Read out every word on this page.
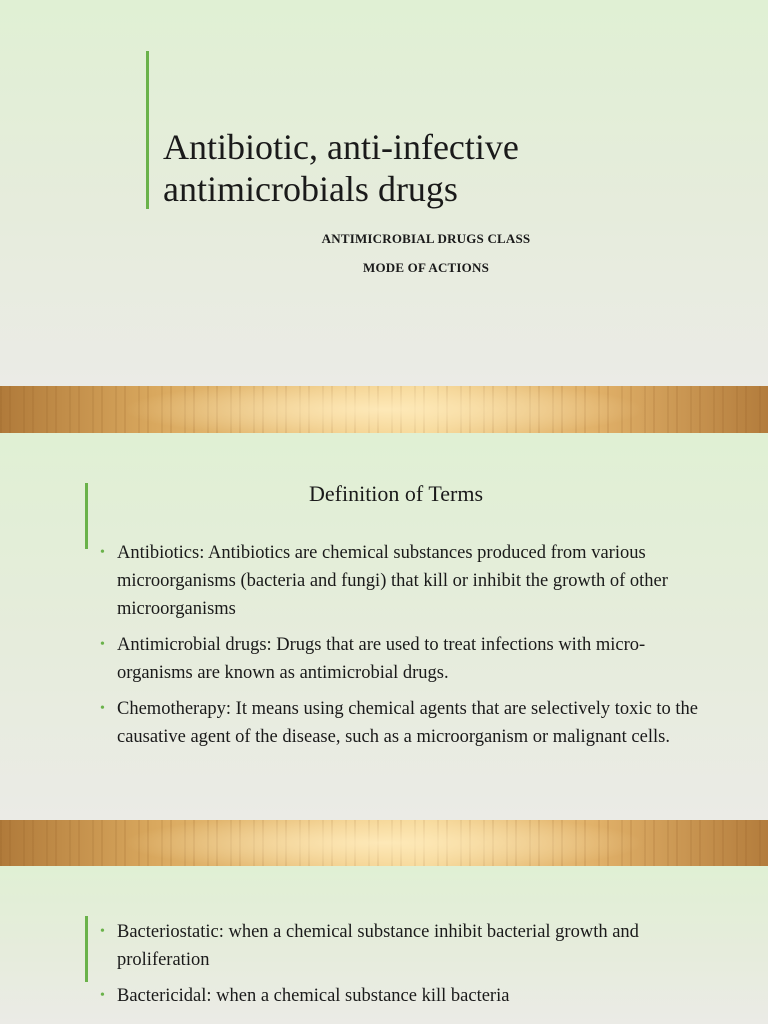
Antibiotic, anti-infective
antimicrobials drugs
ANTIMICROBIAL DRUGS CLASS
MODE OF ACTIONS
Definition of Terms
• Antibiotics: Antibiotics are chemical substances produced from various microorganisms (bacteria and fungi) that kill or inhibit the growth of other microorganisms
• Antimicrobial drugs: Drugs that are used to treat infections with micro- organisms are known as antimicrobial drugs.
• Chemotherapy: It means using chemical agents that are selectively toxic to the causative agent of the disease, such as a microorganism or malignant cells.
• Bacteriostatic: when a chemical substance inhibit bacterial growth and proliferation
• Bactericidal: when a chemical substance kill bacteria
